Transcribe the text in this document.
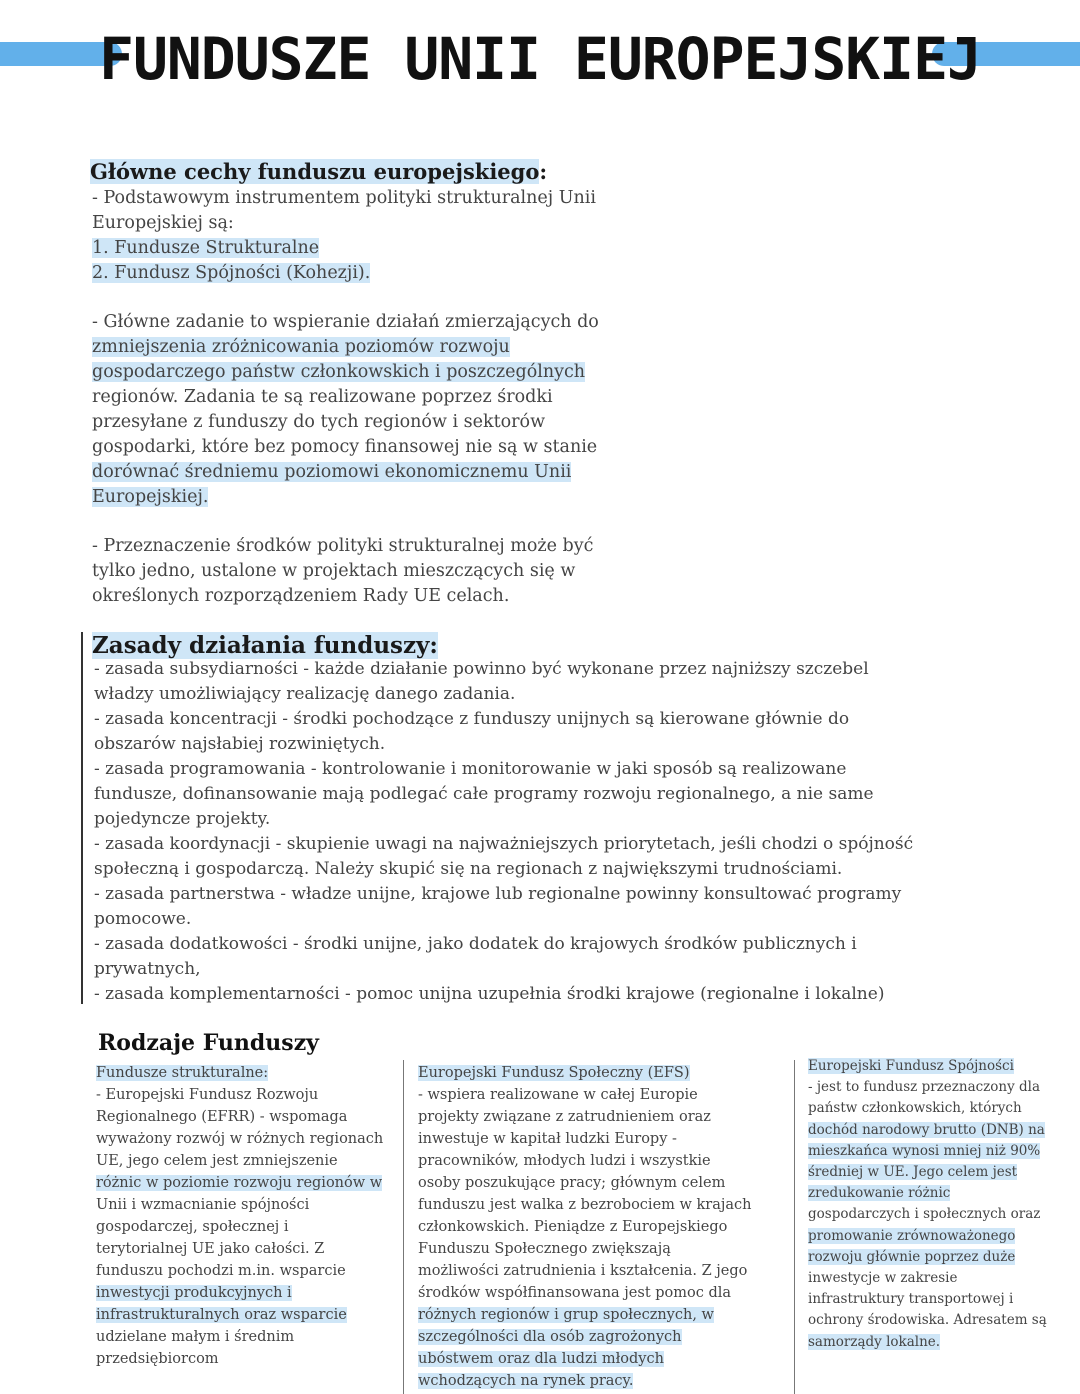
FUNDUSZE UNII EUROPEJSKIEJ
Główne cechy funduszu europejskiego:

- Podstawowym instrumentem polityki strukturalnej Unii

Europejskiej są:

1. Fundusze Strukturalne

2. Fundusz Spójności (Kohezji).

- Główne zadanie to wspieranie działań zmierzających do

zmniejszenia zróżnicowania poziomów rozwoju

gospodarczego państw członkowskich i poszczególnych

regionów. Zadania te są realizowane poprzez środki

przesyłane z funduszy do tych regionów i sektorów

gospodarki, które bez pomocy finansowej nie są w stanie

dorównać średniemu poziomowi ekonomicznemu Unii

Europejskiej.

- Przeznaczenie środków polityki strukturalnej może być

tylko jedno, ustalone w projektach mieszczących się w

określonych rozporządzeniem Rady UE celach.

Zasady działania funduszy:

- zasada subsydiarności - każde działanie powinno być wykonane przez najniższy szczebel

władzy umożliwiający realizację danego zadania.

- zasada koncentracji - środki pochodzące z funduszy unijnych są kierowane głównie do

obszarów najsłabiej rozwiniętych.

- zasada programowania - kontrolowanie i monitorowanie w jaki sposób są realizowane

fundusze, dofinansowanie mają podlegać całe programy rozwoju regionalnego, a nie same

pojedyncze projekty.

- zasada koordynacji - skupienie uwagi na najważniejszych priorytetach, jeśli chodzi o spójność

społeczną i gospodarczą. Należy skupić się na regionach z największymi trudnościami.

- zasada partnerstwa - władze unijne, krajowe lub regionalne powinny konsultować programy

pomocowe.

- zasada dodatkowości - środki unijne, jako dodatek do krajowych środków publicznych i

prywatnych,

- zasada komplementarności - pomoc unijna uzupełnia środki krajowe (regionalne i lokalne)

Rodzaje Funduszy

Fundusze strukturalne:

- Europejski Fundusz Rozwoju

Regionalnego (EFRR) - wspomaga

wyważony rozwój w różnych regionach

UE, jego celem jest zmniejszenie

różnic w poziomie rozwoju regionów w

Unii i wzmacnianie spójności

gospodarczej, społecznej i

terytorialnej UE jako całości. Z

funduszu pochodzi m.in. wsparcie

inwestycji produkcyjnych i

infrastrukturalnych oraz wsparcie

udzielane małym i średnim

przedsiębiorcom

Europejski Fundusz Społeczny (EFS)

- wspiera realizowane w całej Europie

projekty związane z zatrudnieniem oraz

inwestuje w kapitał ludzki Europy -

pracowników, młodych ludzi i wszystkie

osoby poszukujące pracy; głównym celem

funduszu jest walka z bezrobociem w krajach

członkowskich. Pieniądze z Europejskiego

Funduszu Społecznego zwiększają

możliwości zatrudnienia i kształcenia. Z jego

środków współfinansowana jest pomoc dla

różnych regionów i grup społecznych, w

szczególności dla osób zagrożonych

ubóstwem oraz dla ludzi młodych

wchodzących na rynek pracy.

Europejski Fundusz Spójności

- jest to fundusz przeznaczony dla

państw członkowskich, których

dochód narodowy brutto (DNB) na

mieszkańca wynosi mniej niż 90%

średniej w UE. Jego celem jest

zredukowanie różnic

gospodarczych i społecznych oraz

promowanie zrównoważonego

rozwoju głównie poprzez duże

inwestycje w zakresie

infrastruktury transportowej i

ochrony środowiska. Adresatem są

samorządy lokalne.
